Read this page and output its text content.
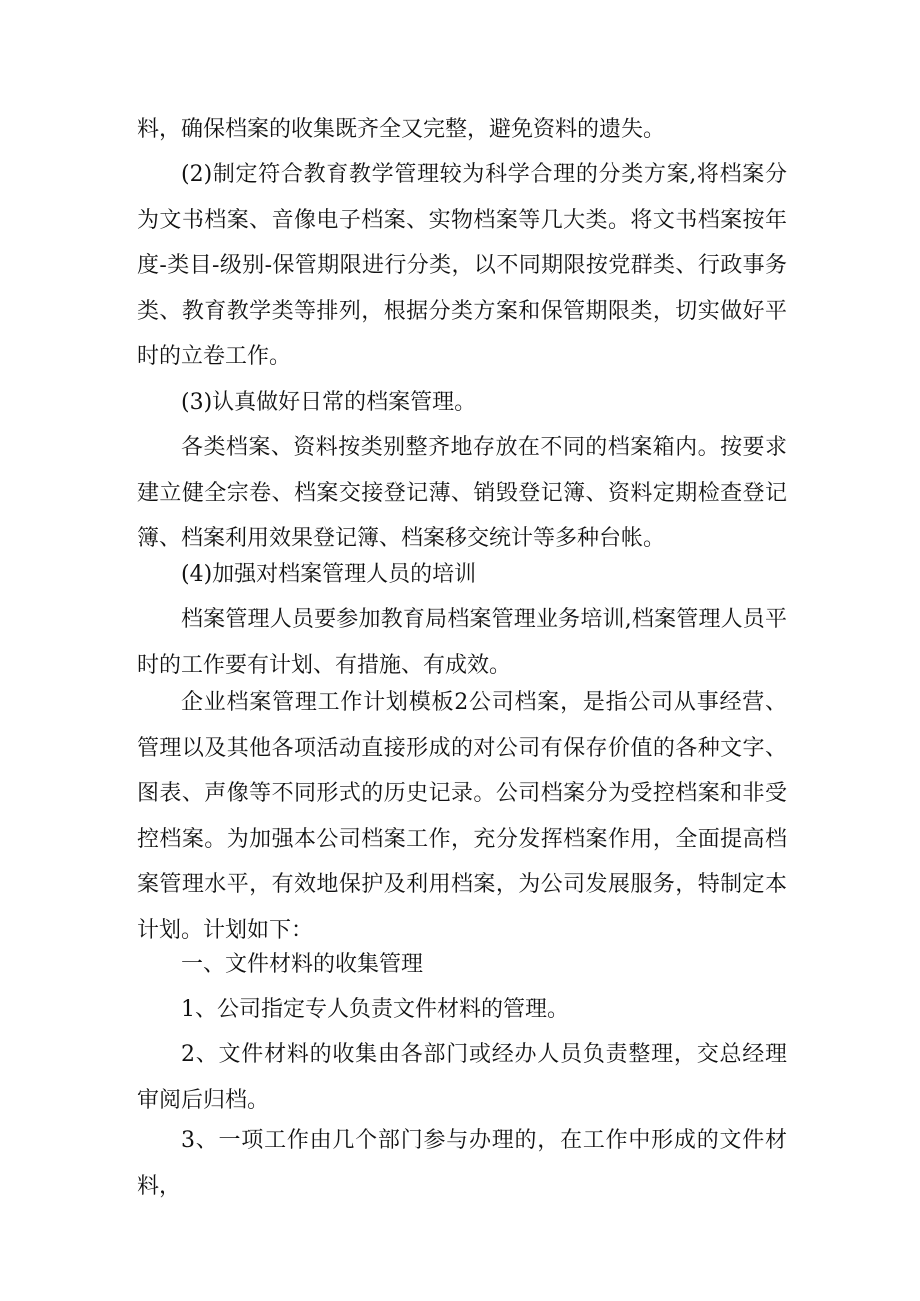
料，确保档案的收集既齐全又完整，避免资料的遗失。

(2)制定符合教育教学管理较为科学合理的分类方案,将档案分为文书档案、音像电子档案、实物档案等几大类。将文书档案按年度-类目-级别-保管期限进行分类，以不同期限按党群类、行政事务类、教育教学类等排列，根据分类方案和保管期限类，切实做好平时的立卷工作。

(3)认真做好日常的档案管理。

各类档案、资料按类别整齐地存放在不同的档案箱内。按要求建立健全宗卷、档案交接登记薄、销毁登记簿、资料定期检查登记簿、档案利用效果登记簿、档案移交统计等多种台帐。

(4)加强对档案管理人员的培训

档案管理人员要参加教育局档案管理业务培训,档案管理人员平时的工作要有计划、有措施、有成效。

企业档案管理工作计划模板2公司档案，是指公司从事经营、管理以及其他各项活动直接形成的对公司有保存价值的各种文字、图表、声像等不同形式的历史记录。公司档案分为受控档案和非受控档案。为加强本公司档案工作，充分发挥档案作用，全面提高档案管理水平，有效地保护及利用档案，为公司发展服务，特制定本计划。计划如下：

一、文件材料的收集管理

1、公司指定专人负责文件材料的管理。

2、文件材料的收集由各部门或经办人员负责整理，交总经理审阅后归档。

3、一项工作由几个部门参与办理的，在工作中形成的文件材料，
